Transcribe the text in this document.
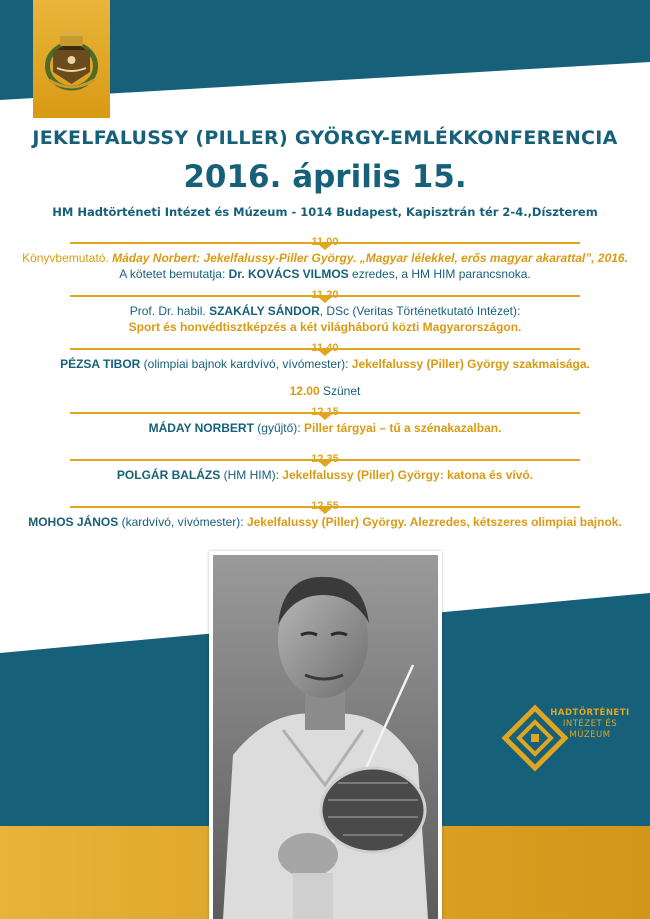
JEKELFALUSSY (PILLER) GYÖRGY-EMLÉKKONFERENCIA
2016. április 15.
HM Hadtörténeti Intézet és Múzeum - 1014 Budapest, Kapisztrán tér 2-4.,Díszterem
11.00
Könyvbemutató. Máday Norbert: Jekelfalussy-Piller György. „Magyar lélekkel, erős magyar akarattal”, 2016.
A kötetet bemutatja: Dr. KOVÁCS VILMOS ezredes, a HM HIM parancsnoka.
11.20
Prof. Dr. habil. SZAKÁLY SÁNDOR, DSc (Veritas Történetkutató Intézet):
Sport és honvédtisztképzés a két világháború közti Magyarországon.
11.40
PÉZSA TIBOR (olimpiai bajnok kardvívó, vívómester): Jekelfalussy (Piller) György szakmaisága.
12.00 Szünet
12.15
MÁDAY NORBERT (gyűjtő): Piller tárgyai – tű a szénakazalban.
12.35
POLGÁR BALÁZS (HM HIM): Jekelfalussy (Piller) György: katona és vívó.
12.55
MOHOS JÁNOS (kardvívó, vívómester): Jekelfalussy (Piller) György. Alezredes, kétszeres olimpiai bajnok.
HADTÖRTÉNETI
INTÉZET ÉS
MÚZEUM
